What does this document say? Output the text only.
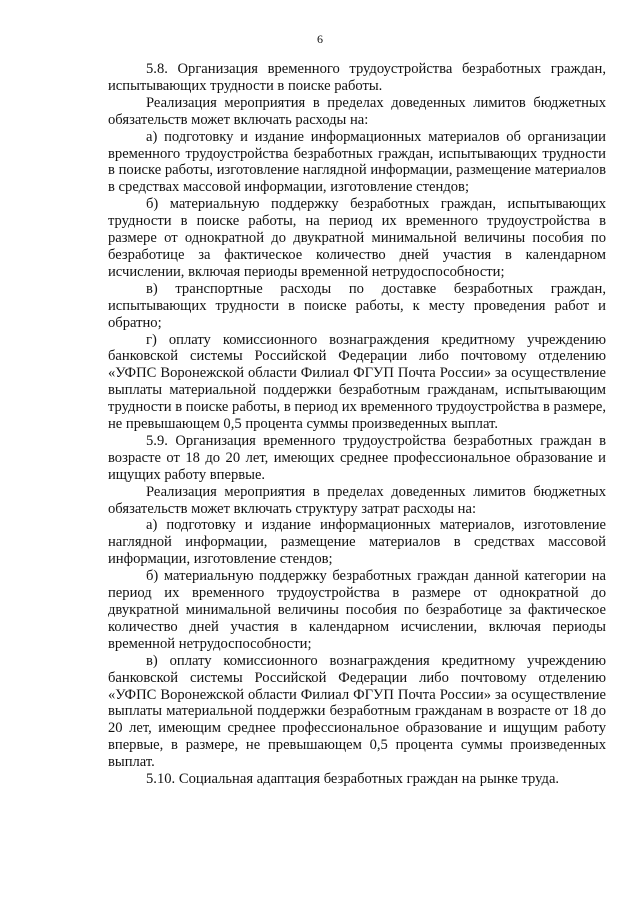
6

5.8. Организация временного трудоустройства безработных граждан, испытывающих трудности в поиске работы.

Реализация мероприятия в пределах доведенных лимитов бюджетных обязательств может включать расходы на:

а) подготовку и издание информационных материалов об организации временного трудоустройства безработных граждан, испытывающих трудности в поиске работы, изготовление наглядной информации, размещение материалов в средствах массовой информации, изготовление стендов;

б) материальную поддержку безработных граждан, испытывающих трудности в поиске работы, на период их временного трудоустройства в размере от однократной до двукратной минимальной величины пособия по безработице за фактическое количество дней участия в календарном исчислении, включая периоды временной нетрудоспособности;

в) транспортные расходы по доставке безработных граждан, испытывающих трудности в поиске работы, к месту проведения работ и обратно;

г) оплату комиссионного вознаграждения кредитному учреждению банковской системы Российской Федерации либо почтовому отделению «УФПС Воронежской области Филиал ФГУП Почта России» за осуществление выплаты материальной поддержки безработным гражданам, испытывающим трудности в поиске работы, в период их временного трудоустройства в размере, не превышающем 0,5 процента суммы произведенных выплат.

5.9. Организация временного трудоустройства безработных граждан в возрасте от 18 до 20 лет, имеющих среднее профессиональное образование и ищущих работу впервые.

Реализация мероприятия в пределах доведенных лимитов бюджетных обязательств может включать структуру затрат расходы на:

а) подготовку и издание информационных материалов, изготовление наглядной информации, размещение материалов в средствах массовой информации, изготовление стендов;

б) материальную поддержку безработных граждан данной категории на период их временного трудоустройства в размере от однократной до двукратной минимальной величины пособия по безработице за фактическое количество дней участия в календарном исчислении, включая периоды временной нетрудоспособности;

в) оплату комиссионного вознаграждения кредитному учреждению банковской системы Российской Федерации либо почтовому отделению «УФПС Воронежской области Филиал ФГУП Почта России» за осуществление выплаты материальной поддержки безработным гражданам в возрасте от 18 до 20 лет, имеющим среднее профессиональное образование и ищущим работу впервые, в размере, не превышающем 0,5 процента суммы произведенных выплат.

5.10. Социальная адаптация безработных граждан на рынке труда.
